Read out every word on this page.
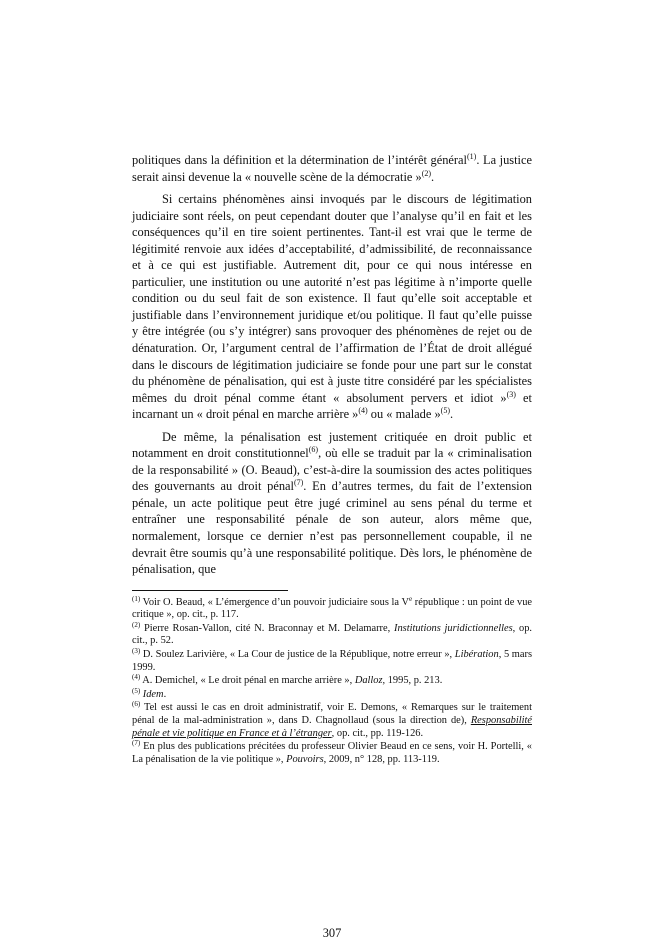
politiques dans la définition et la détermination de l’intérêt général$^{(1)}$. La justice serait ainsi devenue la « nouvelle scène de la démocratie »$^{(2)}$.

Si certains phénomènes ainsi invoqués par le discours de légitimation judiciaire sont réels, on peut cependant douter que l’analyse qu’il en fait et les conséquences qu’il en tire soient pertinentes. Tant-il est vrai que le terme de légitimité renvoie aux idées d’acceptabilité, d’admissibilité, de reconnaissance et à ce qui est justifiable. Autrement dit, pour ce qui nous intéresse en particulier, une institution ou une autorité n’est pas légitime à n’importe quelle condition ou du seul fait de son existence. Il faut qu’elle soit acceptable et justifiable dans l’environnement juridique et/ou politique. Il faut qu’elle puisse y être intégrée (ou s’y intégrer) sans provoquer des phénomènes de rejet ou de dénaturation. Or, l’argument central de l’affirmation de l’État de droit allégué dans le discours de légitimation judiciaire se fonde pour une part sur le constat du phénomène de pénalisation, qui est à juste titre considéré par les spécialistes mêmes du droit pénal comme étant « absolument pervers et idiot »$^{(3)}$ et incarnant un « droit pénal en marche arrière »$^{(4)}$ ou « malade »$^{(5)}$.

De même, la pénalisation est justement critiquée en droit public et notamment en droit constitutionnel$^{(6)}$, où elle se traduit par la « criminalisation de la responsabilité » (O. Beaud), c’est-à-dire la soumission des actes politiques des gouvernants au droit pénal$^{(7)}$. En d’autres termes, du fait de l’extension pénale, un acte politique peut être jugé criminel au sens pénal du terme et entraîner une responsabilité pénale de son auteur, alors même que, normalement, lorsque ce dernier n’est pas personnellement coupable, il ne devrait être soumis qu’à une responsabilité politique. Dès lors, le phénomène de pénalisation, que

$^{(1)}$ Voir O. Beaud, « L’émergence d’un pouvoir judiciaire sous la Ve république : un point de vue critique », op. cit., p. 117.

$^{(2)}$ Pierre Rosan-Vallon, cité N. Braconnay et M. Delamarre, Institutions juridictionnelles, op. cit., p. 52.

$^{(3)}$ D. Soulez Larivière, « La Cour de justice de la République, notre erreur », Libération, 5 mars 1999.

$^{(4)}$ A. Demichel, « Le droit pénal en marche arrière », Dalloz, 1995, p. 213.

$^{(5)}$ Idem.

$^{(6)}$ Tel est aussi le cas en droit administratif, voir E. Demons, « Remarques sur le traitement pénal de la mal-administration », dans D. Chagnollaud (sous la direction de), Responsabilité pénale et vie politique en France et à l’étranger, op. cit., pp. 119-126.

$^{(7)}$ En plus des publications précitées du professeur Olivier Beaud en ce sens, voir H. Portelli, « La pénalisation de la vie politique », Pouvoirs, 2009, n° 128, pp. 113-119.

307
